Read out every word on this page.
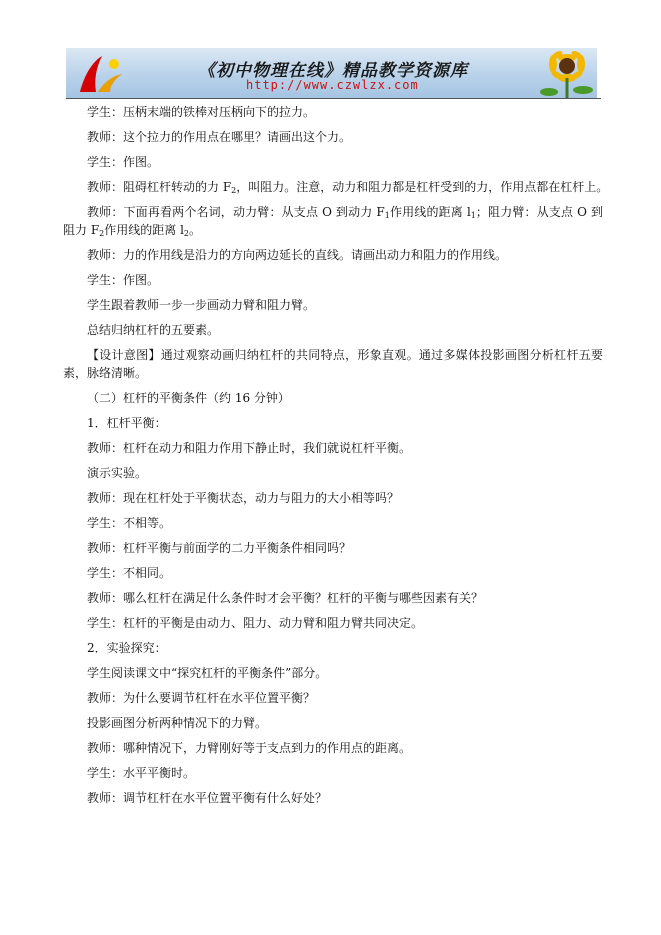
《初中物理在线》精品教学资源库
http://www.czwlzx.com

学生：压柄末端的铁棒对压柄向下的拉力。

教师：这个拉力的作用点在哪里？请画出这个力。

学生：作图。

教师：阻碍杠杆转动的力 $F_2$，叫阻力。注意，动力和阻力都是杠杆受到的力，作用点都在杠杆上。

教师：下面再看两个名词，动力臂：从支点 O 到动力 $F_1$作用线的距离 $l_1$；阻力臂：从支点 O 到阻力 $F_2$作用线的距离 $l_2$。

教师：力的作用线是沿力的方向两边延长的直线。请画出动力和阻力的作用线。

学生：作图。

学生跟着教师一步一步画动力臂和阻力臂。

总结归纳杠杆的五要素。

【设计意图】通过观察动画归纳杠杆的共同特点，形象直观。通过多媒体投影画图分析杠杆五要素，脉络清晰。

（二）杠杆的平衡条件（约 16 分钟）

1．杠杆平衡：

教师：杠杆在动力和阻力作用下静止时，我们就说杠杆平衡。

演示实验。

教师：现在杠杆处于平衡状态，动力与阻力的大小相等吗？

学生：不相等。

教师：杠杆平衡与前面学的二力平衡条件相同吗？

学生：不相同。

教师：哪么杠杆在满足什么条件时才会平衡？杠杆的平衡与哪些因素有关？

学生：杠杆的平衡是由动力、阻力、动力臂和阻力臂共同决定。

2．实验探究：

学生阅读课文中“探究杠杆的平衡条件”部分。

教师：为什么要调节杠杆在水平位置平衡？

投影画图分析两种情况下的力臂。

教师：哪种情况下，力臂刚好等于支点到力的作用点的距离。

学生：水平平衡时。

教师：调节杠杆在水平位置平衡有什么好处？
